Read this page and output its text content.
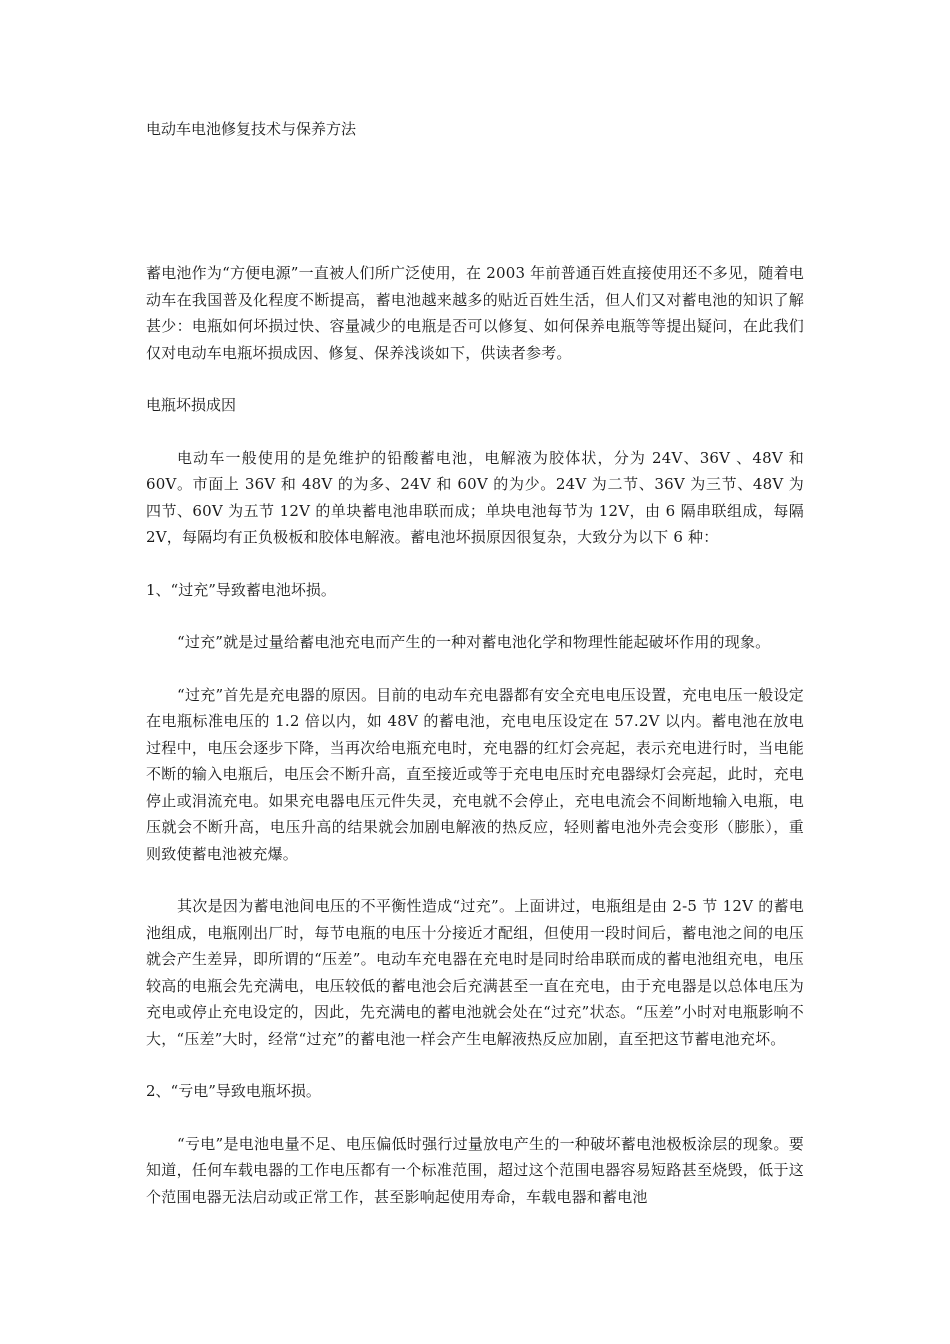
电动车电池修复技术与保养方法

蓄电池作为“方便电源”一直被人们所广泛使用，在 2003 年前普通百姓直接使用还不多见，随着电动车在我国普及化程度不断提高，蓄电池越来越多的贴近百姓生活，但人们又对蓄电池的知识了解甚少：电瓶如何坏损过快、容量减少的电瓶是否可以修复、如何保养电瓶等等提出疑问，在此我们仅对电动车电瓶坏损成因、修复、保养浅谈如下，供读者参考。

电瓶坏损成因

电动车一般使用的是免维护的铅酸蓄电池，电解液为胶体状，分为 24V、36V 、48V 和 60V。市面上 36V 和 48V 的为多、24V 和 60V 的为少。24V 为二节、36V 为三节、48V 为四节、60V 为五节 12V 的单块蓄电池串联而成；单块电池每节为 12V，由 6 隔串联组成，每隔 2V，每隔均有正负极板和胶体电解液。蓄电池坏损原因很复杂，大致分为以下 6 种：

1、“过充”导致蓄电池坏损。

“过充”就是过量给蓄电池充电而产生的一种对蓄电池化学和物理性能起破坏作用的现象。

“过充”首先是充电器的原因。目前的电动车充电器都有安全充电电压设置，充电电压一般设定在电瓶标准电压的 1.2 倍以内，如 48V 的蓄电池，充电电压设定在 57.2V 以内。蓄电池在放电过程中，电压会逐步下降，当再次给电瓶充电时，充电器的红灯会亮起，表示充电进行时，当电能不断的输入电瓶后，电压会不断升高，直至接近或等于充电电压时充电器绿灯会亮起，此时，充电停止或涓流充电。如果充电器电压元件失灵，充电就不会停止，充电电流会不间断地输入电瓶，电压就会不断升高，电压升高的结果就会加剧电解液的热反应，轻则蓄电池外壳会变形（膨胀），重则致使蓄电池被充爆。

其次是因为蓄电池间电压的不平衡性造成“过充”。上面讲过，电瓶组是由 2-5 节 12V 的蓄电池组成，电瓶刚出厂时，每节电瓶的电压十分接近才配组，但使用一段时间后，蓄电池之间的电压就会产生差异，即所谓的“压差”。电动车充电器在充电时是同时给串联而成的蓄电池组充电，电压较高的电瓶会先充满电，电压较低的蓄电池会后充满甚至一直在充电，由于充电器是以总体电压为充电或停止充电设定的，因此，先充满电的蓄电池就会处在“过充”状态。“压差”小时对电瓶影响不大，“压差”大时，经常“过充”的蓄电池一样会产生电解液热反应加剧，直至把这节蓄电池充坏。

2、“亏电”导致电瓶坏损。

“亏电”是电池电量不足、电压偏低时强行过量放电产生的一种破坏蓄电池极板涂层的现象。要知道，任何车载电器的工作电压都有一个标准范围，超过这个范围电器容易短路甚至烧毁，低于这个范围电器无法启动或正常工作，甚至影响起使用寿命，车载电器和蓄电池
